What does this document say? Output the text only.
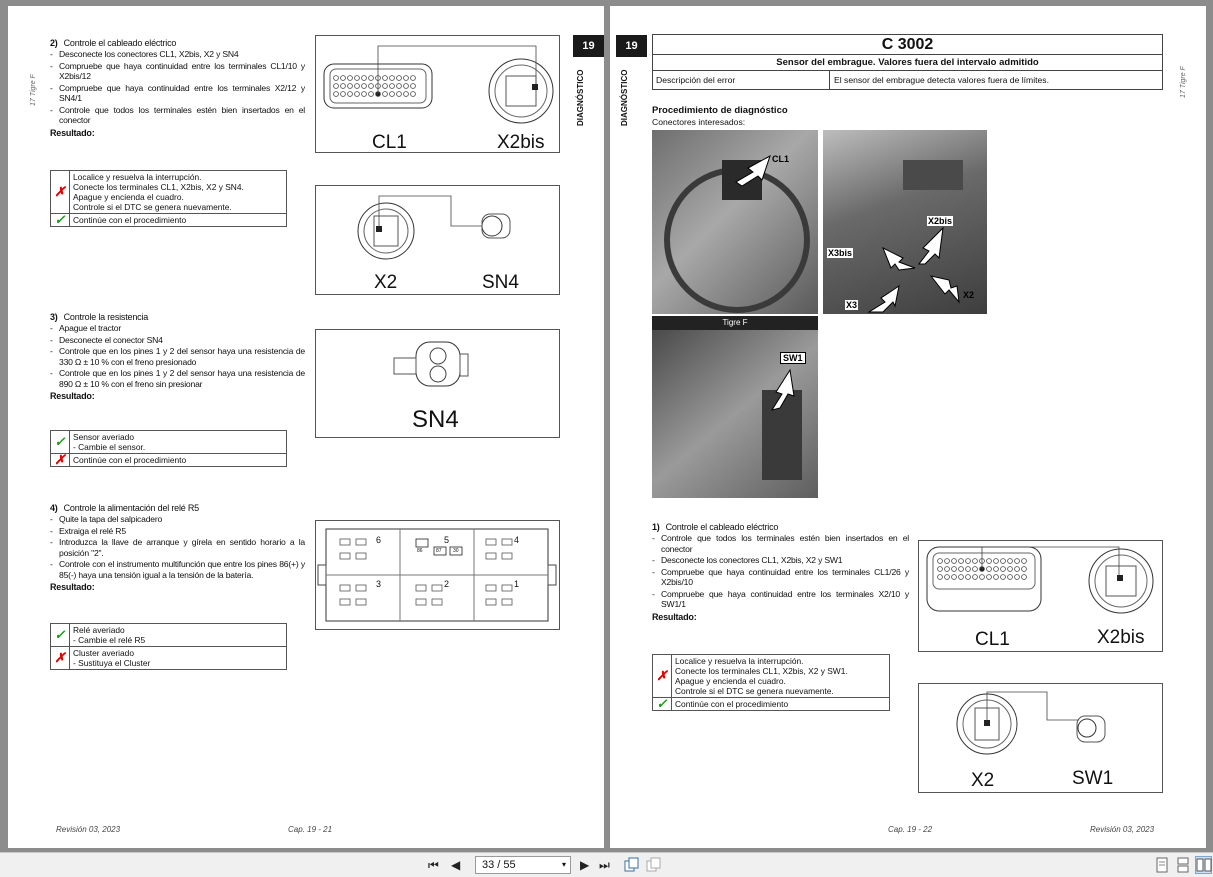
17 Tigre F
19
DIAGNÓSTICO
2) Controle el cableado eléctrico
- Desconecte los conectores CL1, X2bis, X2 y SN4
- Compruebe que haya continuidad entre los terminales CL1/10 y X2bis/12
- Compruebe que haya continuidad entre los terminales X2/12 y SN4/1
- Controle que todos los terminales estén bien insertados en el conector
Resultado:
✗	Localice y resuelva la interrupción.
Conecte los terminales CL1, X2bis, X2 y SN4.
Apague y encienda el cuadro.
Controle si el DTC se genera nuevamente.

✓	Continúe con el procedimiento
CL1	X2bis
X2	SN4
3) Controle la resistencia
- Apague el tractor
- Desconecte el conector SN4
- Controle que en los pines 1 y 2 del sensor haya una resistencia de 330 Ω ± 10 % con el freno presionado
- Controle que en los pines 1 y 2 del sensor haya una resistencia de 890 Ω ± 10 % con el freno sin presionar
Resultado:
✓	Sensor averiado
- Cambie el sensor.

✗	Continúe con el procedimiento
SN4
4) Controle la alimentación del relé R5
- Quite la tapa del salpicadero
- Extraiga el relé R5
- Introduzca la llave de arranque y gírela en sentido horario a la posición "2".
- Controle con el instrumento multifunción que entre los pines 86(+) y 85(-) haya una tensión igual a la tensión de la batería.
Resultado:
✓	Relé averiado
- Cambie el relé R5

✗	Cluster averiado
- Sustituya el Cluster
6	5	4
3	2	1
86	87 30
Revisión 03, 2023	Cap. 19 - 21
19
DIAGNÓSTICO	17 Tigre F
C 3002
Sensor del embrague. Valores fuera del intervalo admitido
Descripción del error	El sensor del embrague detecta valores fuera de límites.
Procedimiento de diagnóstico
Conectores interesados:
CL1
X2bis
X3bis
X2
X3
Tigre F
SW1
1) Controle el cableado eléctrico
- Controle que todos los terminales estén bien insertados en el conector
- Desconecte los conectores CL1, X2bis, X2 y SW1
- Compruebe que haya continuidad entre los terminales CL1/26 y X2bis/10
- Compruebe que haya continuidad entre los terminales X2/10 y SW1/1
Resultado:
✗	Localice y resuelva la interrupción.
Conecte los terminales CL1, X2bis, X2 y SW1.
Apague y encienda el cuadro.
Controle si el DTC se genera nuevamente.

✓	Continúe con el procedimiento
CL1	X2bis
X2	SW1
Cap. 19 - 22	Revisión 03, 2023
⏮ ◀	33 / 55	▾ ▶ ⏭
